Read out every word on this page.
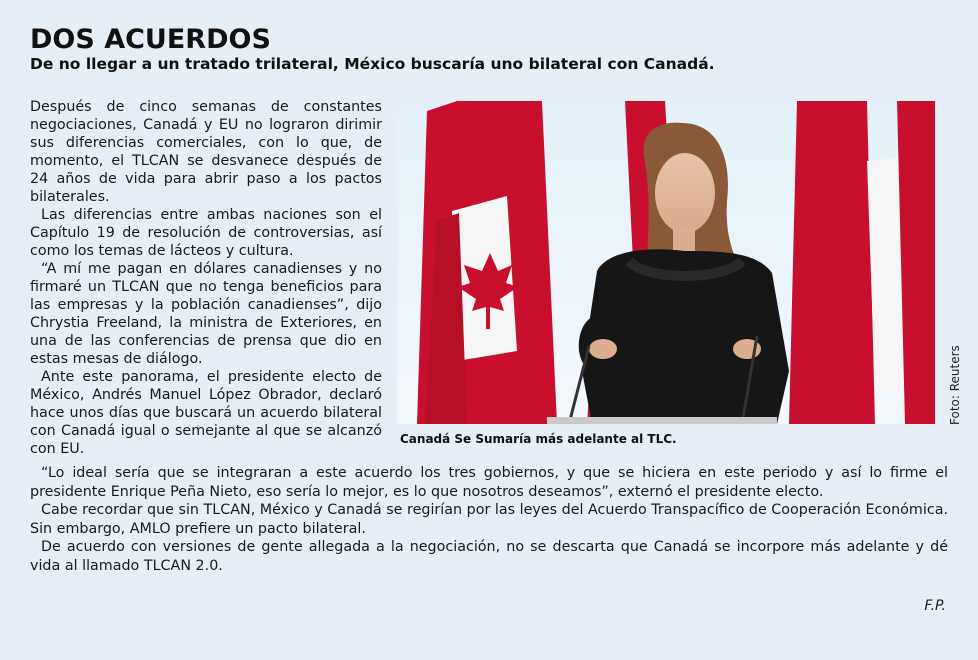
DOS ACUERDOS
De no llegar a un tratado trilateral, México buscaría uno bilateral con Canadá.

Después de cinco semanas de constantes negociaciones, Canadá y EU no lograron dirimir sus diferencias comerciales, con lo que, de momento, el TLCAN se desvanece después de 24 años de vida para abrir paso a los pactos bilaterales.

Las diferencias entre ambas naciones son el Capítulo 19 de resolución de controversias, así como los temas de lácteos y cultura.

“A mí me pagan en dólares canadienses y no firmaré un TLCAN que no tenga beneficios para las empresas y la población canadienses”, dijo Chrystia Freeland, la ministra de Exteriores, en una de las conferencias de prensa que dio en estas mesas de diálogo.

Ante este panorama, el presidente electo de México, Andrés Manuel López Obrador, declaró hace unos días que buscará un acuerdo bilateral con Canadá igual o semejante al que se alcanzó con EU.

Canadá Se Sumaría más adelante al TLC.
Foto: Reuters

“Lo ideal sería que se integraran a este acuerdo los tres gobiernos, y que se hiciera en este periodo y así lo firme el presidente Enrique Peña Nieto, eso sería lo mejor, es lo que nosotros deseamos”, externó el presidente electo.

Cabe recordar que sin TLCAN, México y Canadá se regirían por las leyes del Acuerdo Transpacífico de Cooperación Económica. Sin embargo, AMLO prefiere un pacto bilateral.

De acuerdo con versiones de gente allegada a la negociación, no se descarta que Canadá se incorpore más adelante y dé vida al llamado TLCAN 2.0.

F.P.
